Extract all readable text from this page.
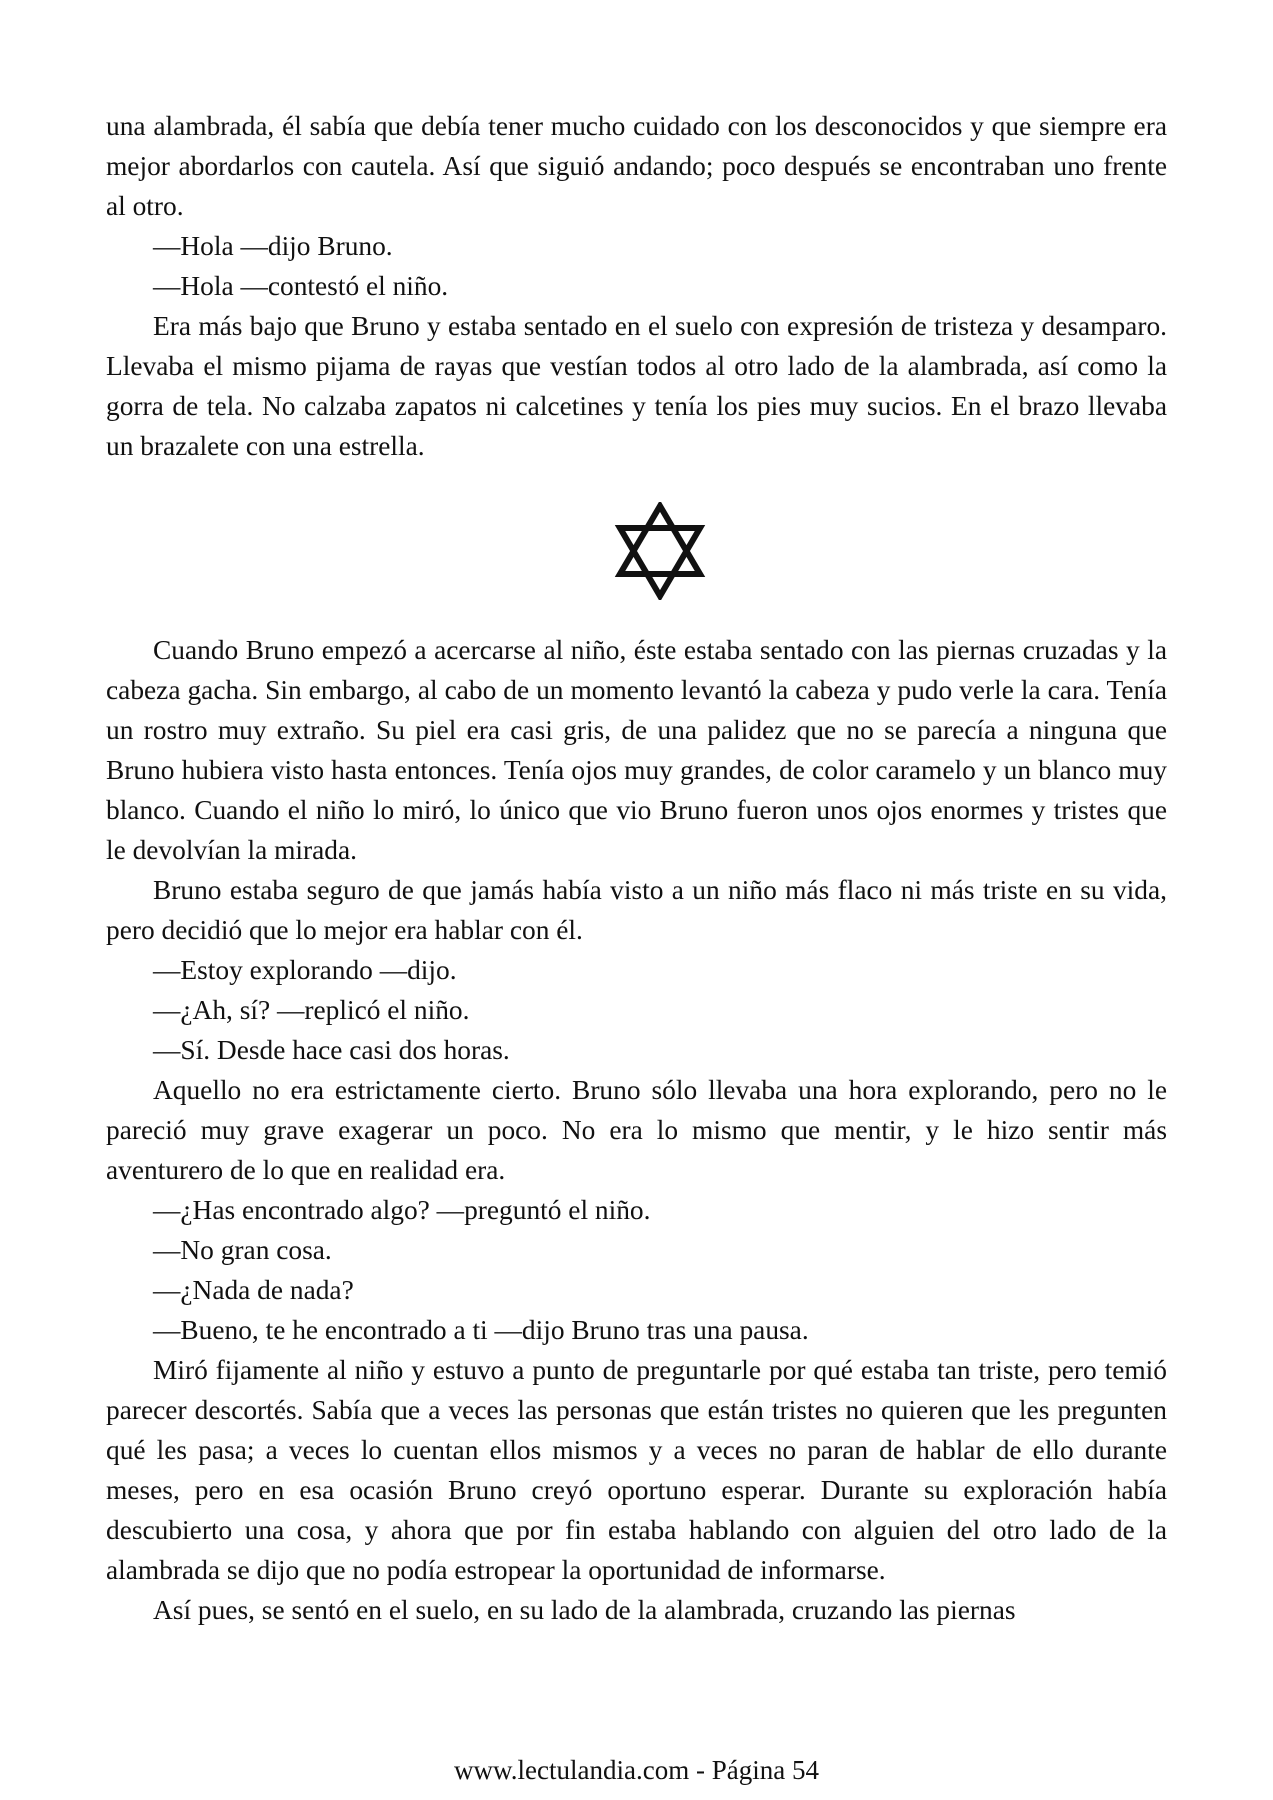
una alambrada, él sabía que debía tener mucho cuidado con los desconocidos y que siempre era mejor abordarlos con cautela. Así que siguió andando; poco después se encontraban uno frente al otro.

—Hola —dijo Bruno.

—Hola —contestó el niño.

Era más bajo que Bruno y estaba sentado en el suelo con expresión de tristeza y desamparo. Llevaba el mismo pijama de rayas que vestían todos al otro lado de la alambrada, así como la gorra de tela. No calzaba zapatos ni calcetines y tenía los pies muy sucios. En el brazo llevaba un brazalete con una estrella.

Cuando Bruno empezó a acercarse al niño, éste estaba sentado con las piernas cruzadas y la cabeza gacha. Sin embargo, al cabo de un momento levantó la cabeza y pudo verle la cara. Tenía un rostro muy extraño. Su piel era casi gris, de una palidez que no se parecía a ninguna que Bruno hubiera visto hasta entonces. Tenía ojos muy grandes, de color caramelo y un blanco muy blanco. Cuando el niño lo miró, lo único que vio Bruno fueron unos ojos enormes y tristes que le devolvían la mirada.

Bruno estaba seguro de que jamás había visto a un niño más flaco ni más triste en su vida, pero decidió que lo mejor era hablar con él.

—Estoy explorando —dijo.

—¿Ah, sí? —replicó el niño.

—Sí. Desde hace casi dos horas.

Aquello no era estrictamente cierto. Bruno sólo llevaba una hora explorando, pero no le pareció muy grave exagerar un poco. No era lo mismo que mentir, y le hizo sentir más aventurero de lo que en realidad era.

—¿Has encontrado algo? —preguntó el niño.

—No gran cosa.

—¿Nada de nada?

—Bueno, te he encontrado a ti —dijo Bruno tras una pausa.

Miró fijamente al niño y estuvo a punto de preguntarle por qué estaba tan triste, pero temió parecer descortés. Sabía que a veces las personas que están tristes no quieren que les pregunten qué les pasa; a veces lo cuentan ellos mismos y a veces no paran de hablar de ello durante meses, pero en esa ocasión Bruno creyó oportuno esperar. Durante su exploración había descubierto una cosa, y ahora que por fin estaba hablando con alguien del otro lado de la alambrada se dijo que no podía estropear la oportunidad de informarse.

Así pues, se sentó en el suelo, en su lado de la alambrada, cruzando las piernas

www.lectulandia.com - Página 54
